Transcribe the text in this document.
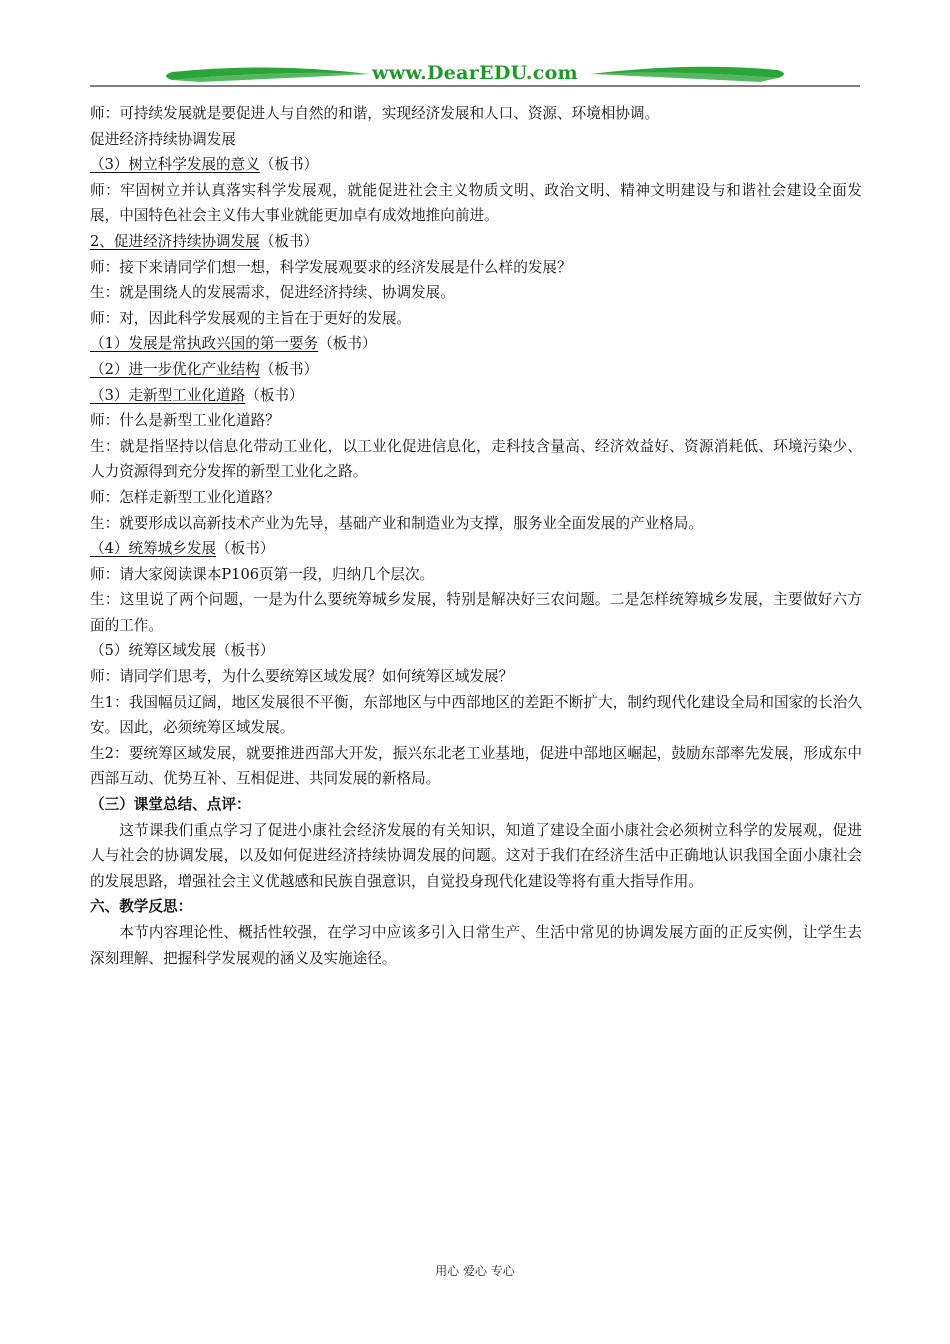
www.DearEDU.com

师：可持续发展就是要促进人与自然的和谐，实现经济发展和人口、资源、环境相协调。

促进经济持续协调发展

（3）树立科学发展的意义（板书）

师：牢固树立并认真落实科学发展观，就能促进社会主义物质文明、政治文明、精神文明建设与和谐社会建设全面发展，中国特色社会主义伟大事业就能更加卓有成效地推向前进。

2、促进经济持续协调发展（板书）

师：接下来请同学们想一想，科学发展观要求的经济发展是什么样的发展？

生：就是围绕人的发展需求，促进经济持续、协调发展。

师：对，因此科学发展观的主旨在于更好的发展。

（1）发展是常执政兴国的第一要务（板书）

（2）进一步优化产业结构（板书）

（3）走新型工业化道路（板书）

师：什么是新型工业化道路？

生：就是指坚持以信息化带动工业化，以工业化促进信息化，走科技含量高、经济效益好、资源消耗低、环境污染少、人力资源得到充分发挥的新型工业化之路。

师：怎样走新型工业化道路？

生：就要形成以高新技术产业为先导，基础产业和制造业为支撑，服务业全面发展的产业格局。

（4）统筹城乡发展（板书）

师：请大家阅读课本P106页第一段，归纳几个层次。

生：这里说了两个问题，一是为什么要统筹城乡发展，特别是解决好三农问题。二是怎样统筹城乡发展，主要做好六方面的工作。

（5）统筹区域发展（板书）

师：请同学们思考，为什么要统筹区域发展？如何统筹区域发展？

生1：我国幅员辽阔，地区发展很不平衡，东部地区与中西部地区的差距不断扩大，制约现代化建设全局和国家的长治久安。因此，必须统筹区域发展。

生2：要统筹区域发展，就要推进西部大开发，振兴东北老工业基地，促进中部地区崛起，鼓励东部率先发展，形成东中西部互动、优势互补、互相促进、共同发展的新格局。

（三）课堂总结、点评：

这节课我们重点学习了促进小康社会经济发展的有关知识，知道了建设全面小康社会必须树立科学的发展观，促进人与社会的协调发展，以及如何促进经济持续协调发展的问题。这对于我们在经济生活中正确地认识我国全面小康社会的发展思路，增强社会主义优越感和民族自强意识，自觉投身现代化建设等将有重大指导作用。

六、教学反思：

本节内容理论性、概括性较强，在学习中应该多引入日常生产、生活中常见的协调发展方面的正反实例，让学生去深刻理解、把握科学发展观的涵义及实施途径。

用心 爱心 专心
